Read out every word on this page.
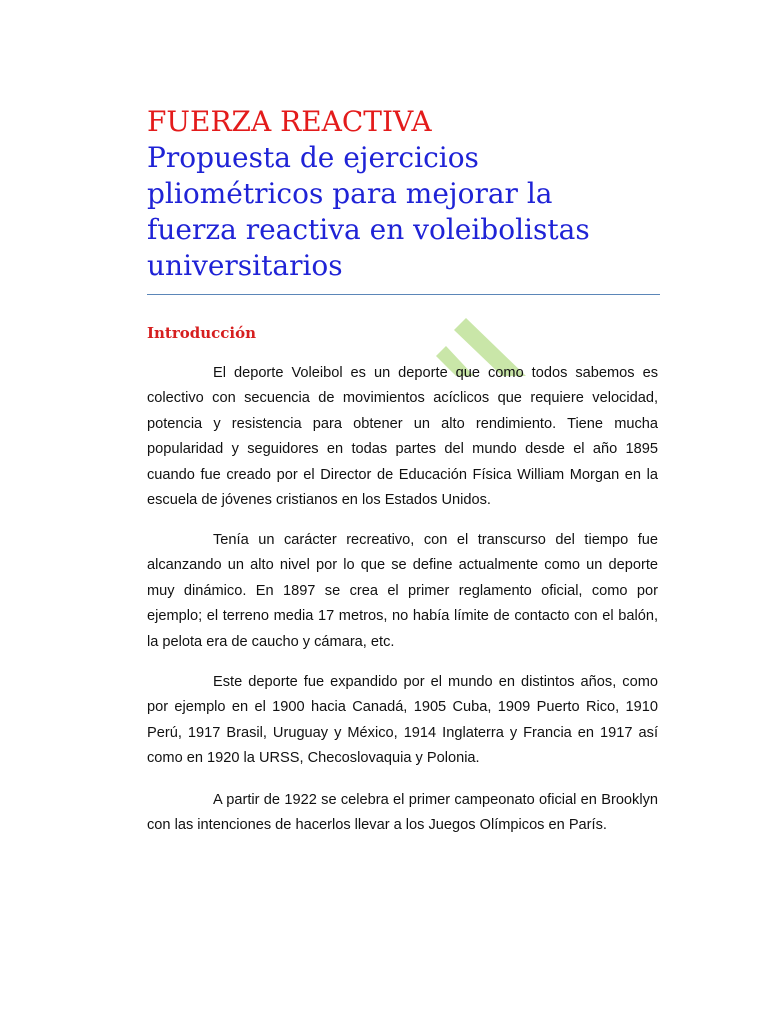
FUERZA REACTIVA
Propuesta de ejercicios
pliométricos para mejorar la
fuerza reactiva en voleibolistas
universitarios
Introducción

El deporte Voleibol es un deporte que como todos sabemos es colectivo con secuencia de movimientos acíclicos que requiere velocidad, potencia y resistencia para obtener un alto rendimiento. Tiene mucha popularidad y seguidores en todas partes del mundo desde el año 1895 cuando fue creado por el Director de Educación Física William Morgan en la escuela de jóvenes cristianos en los Estados Unidos.

Tenía un carácter recreativo, con el transcurso del tiempo fue alcanzando un alto nivel por lo que se define actualmente como un deporte muy dinámico. En 1897 se crea el primer reglamento oficial, como por ejemplo; el terreno media 17 metros, no había límite de contacto con el balón, la pelota era de caucho y cámara, etc.

Este deporte fue expandido por el mundo en distintos años, como por ejemplo en el 1900 hacia Canadá, 1905 Cuba, 1909 Puerto Rico, 1910 Perú, 1917 Brasil, Uruguay y México, 1914 Inglaterra y Francia en 1917 así como en 1920 la URSS, Checoslovaquia y Polonia.

A partir de 1922 se celebra el primer campeonato oficial en Brooklyn con las intenciones de hacerlos llevar a los Juegos Olímpicos en París.
